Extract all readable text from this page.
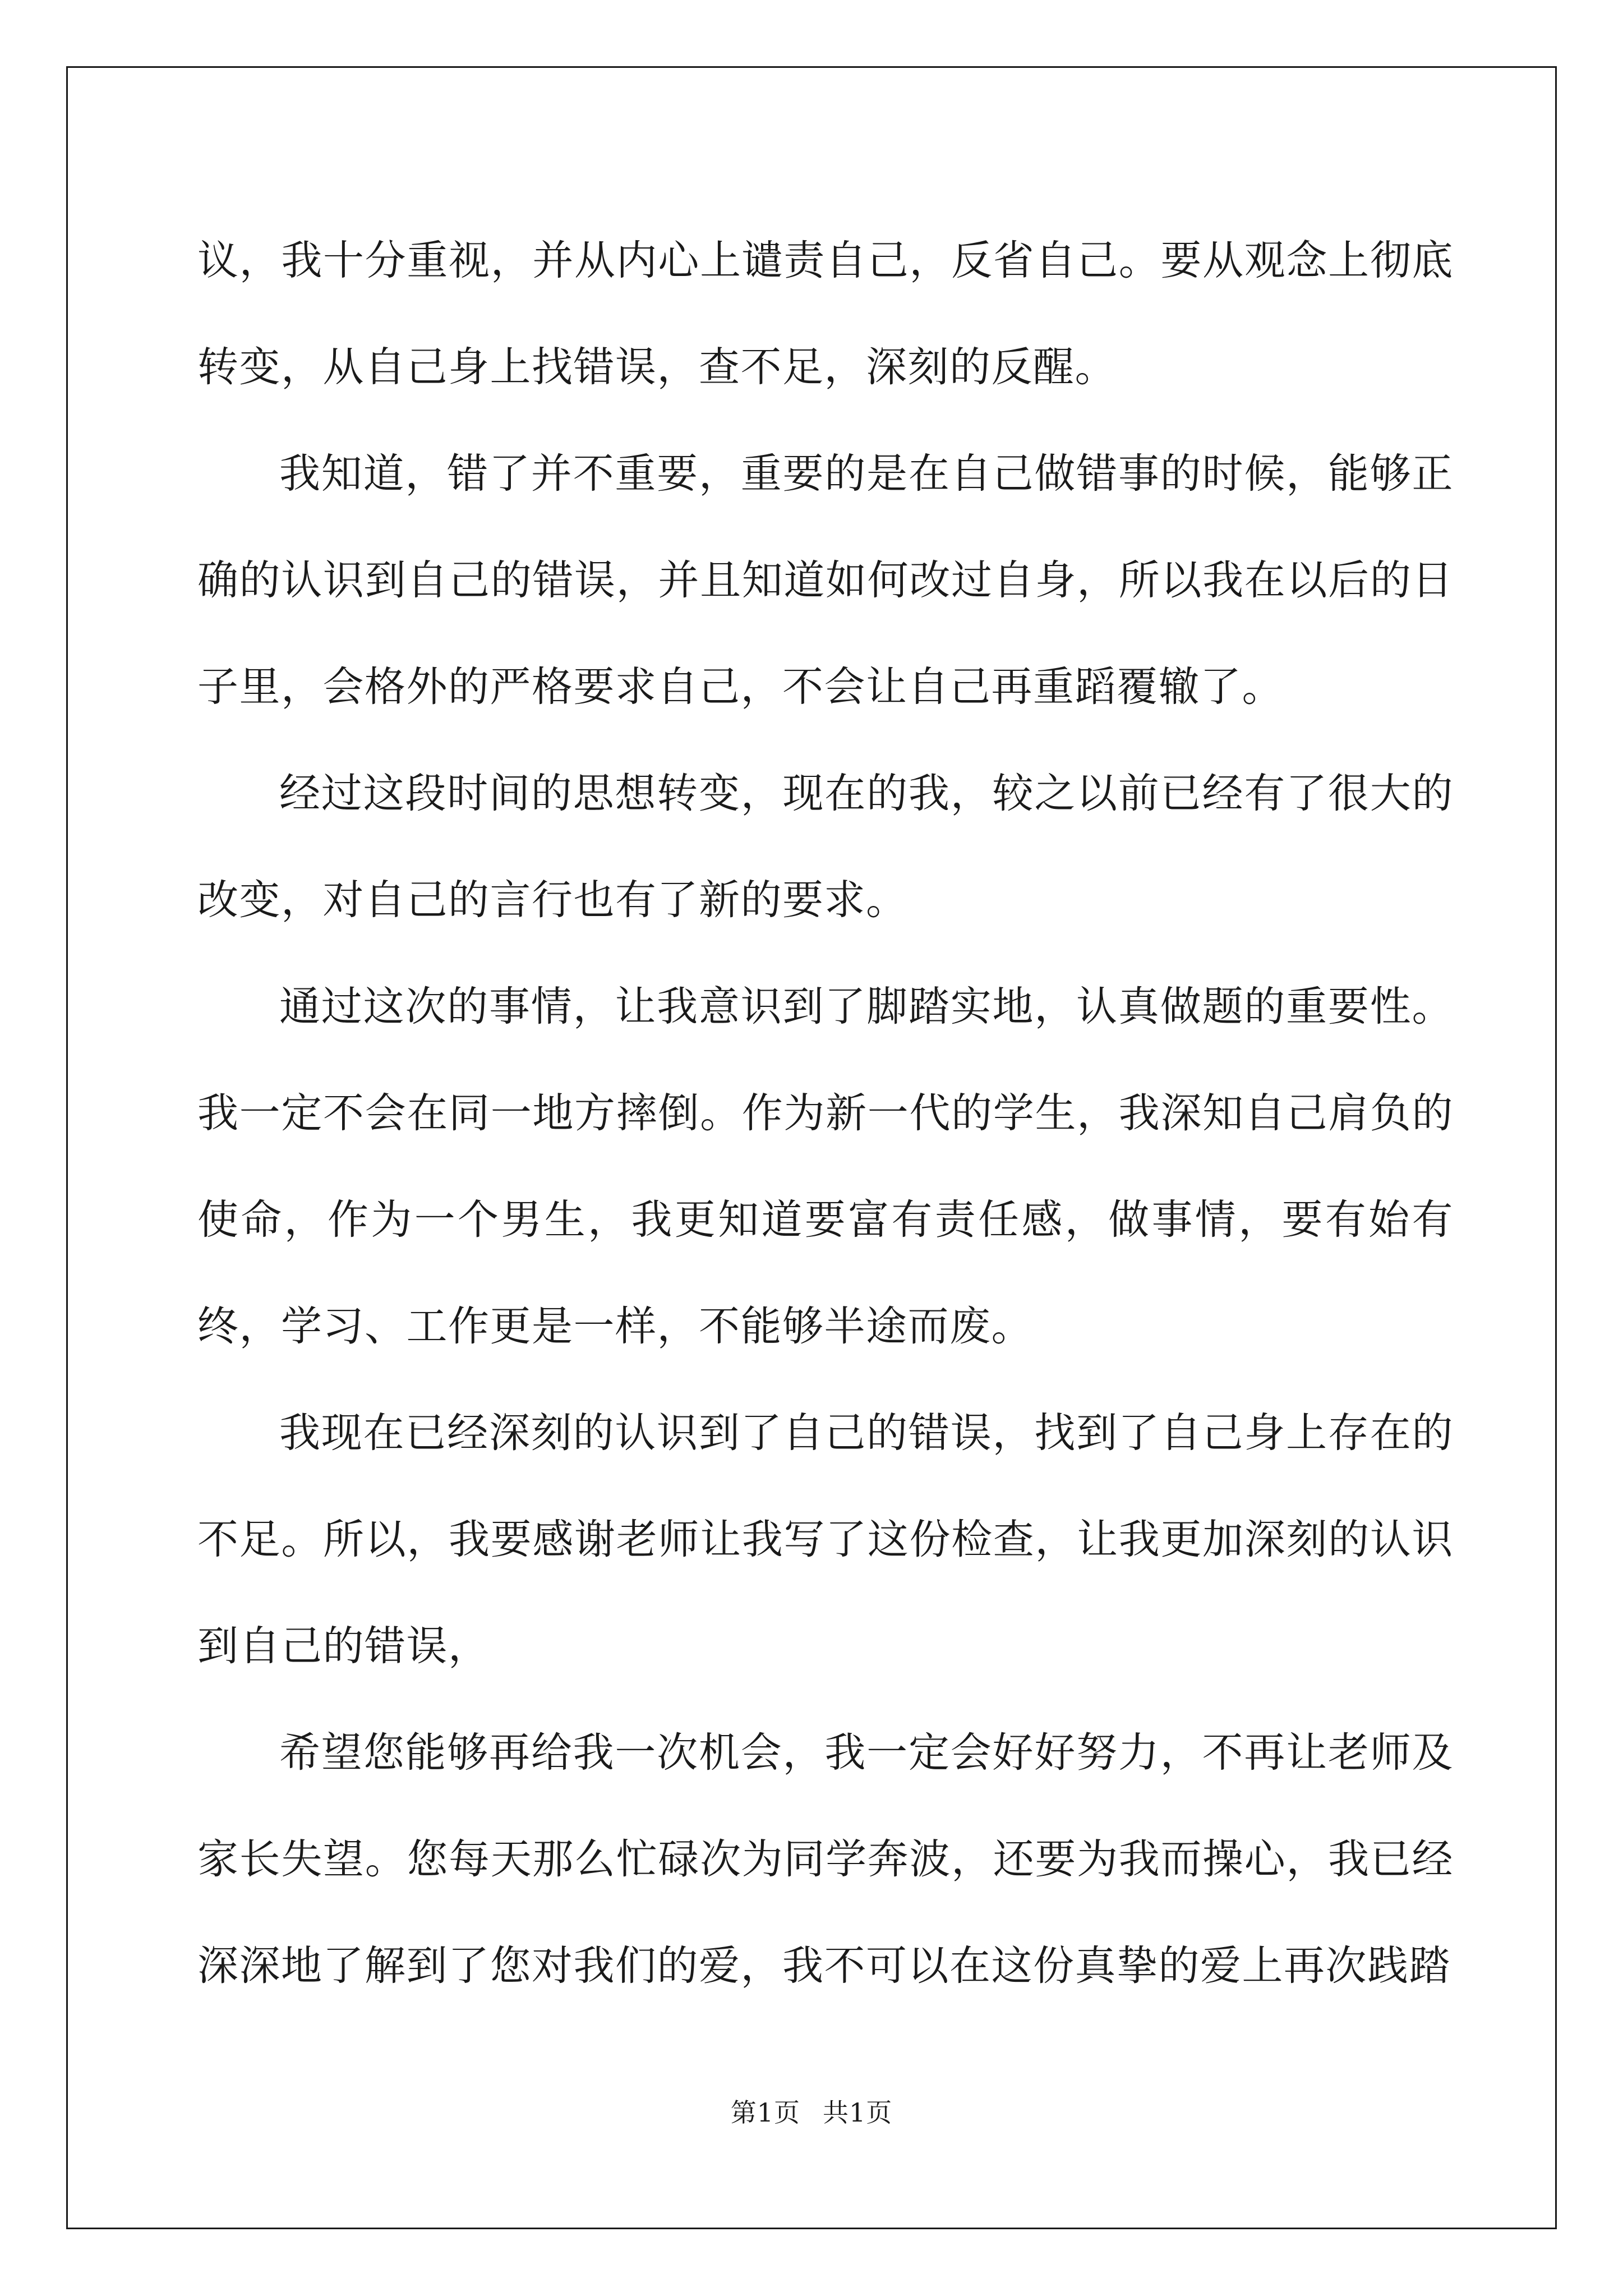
议，我十分重视，并从内心上谴责自己，反省自己。要从观念上彻底转变，从自己身上找错误，查不足，深刻的反醒。

我知道，错了并不重要，重要的是在自己做错事的时候，能够正确的认识到自己的错误，并且知道如何改过自身，所以我在以后的日子里，会格外的严格要求自己，不会让自己再重蹈覆辙了。

经过这段时间的思想转变，现在的我，较之以前已经有了很大的改变，对自己的言行也有了新的要求。

通过这次的事情，让我意识到了脚踏实地，认真做题的重要性。我一定不会在同一地方摔倒。作为新一代的学生，我深知自己肩负的使命，作为一个男生，我更知道要富有责任感，做事情，要有始有终，学习、工作更是一样，不能够半途而废。

我现在已经深刻的认识到了自己的错误，找到了自己身上存在的不足。所以，我要感谢老师让我写了这份检查，让我更加深刻的认识到自己的错误，

希望您能够再给我一次机会，我一定会好好努力，不再让老师及家长失望。您每天那么忙碌次为同学奔波，还要为我而操心，我已经深深地了解到了您对我们的爱，我不可以在这份真挚的爱上再次践踏

第1页 共1页
